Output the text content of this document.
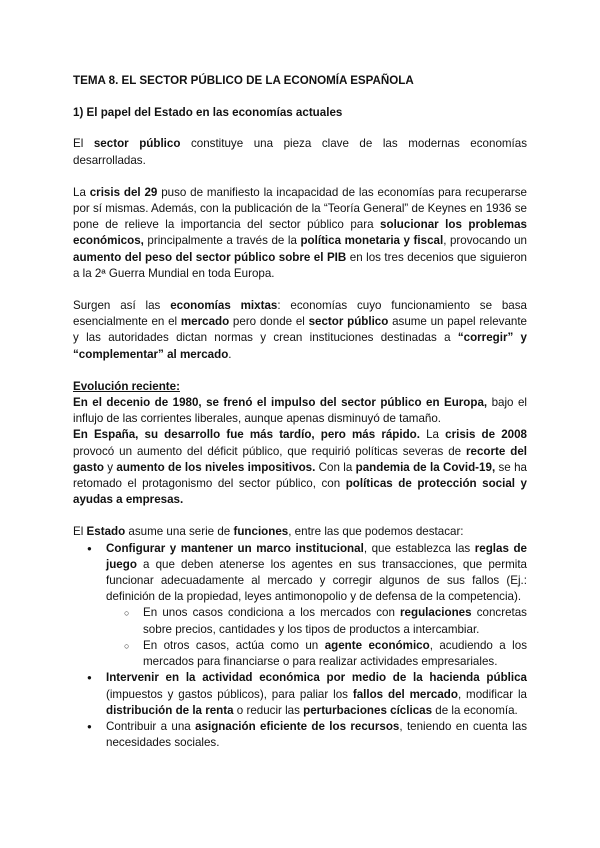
TEMA 8. EL SECTOR PÚBLICO DE LA ECONOMÍA ESPAÑOLA
1) El papel del Estado en las economías actuales

El sector público constituye una pieza clave de las modernas economías desarrolladas.

La crisis del 29 puso de manifiesto la incapacidad de las economías para recuperarse por sí mismas. Además, con la publicación de la “Teoría General” de Keynes en 1936 se pone de relieve la importancia del sector público para solucionar los problemas económicos, principalmente a través de la política monetaria y fiscal, provocando un aumento del peso del sector público sobre el PIB en los tres decenios que siguieron a la 2ª Guerra Mundial en toda Europa.

Surgen así las economías mixtas: economías cuyo funcionamiento se basa esencialmente en el mercado pero donde el sector público asume un papel relevante y las autoridades dictan normas y crean instituciones destinadas a “corregir” y “complementar” al mercado.

Evolución reciente:

En el decenio de 1980, se frenó el impulso del sector público en Europa, bajo el influjo de las corrientes liberales, aunque apenas disminuyó de tamaño.

En España, su desarrollo fue más tardío, pero más rápido. La crisis de 2008 provocó un aumento del déficit público, que requirió políticas severas de recorte del gasto y aumento de los niveles impositivos. Con la pandemia de la Covid-19, se ha retomado el protagonismo del sector público, con políticas de protección social y ayudas a empresas.

El Estado asume una serie de funciones, entre las que podemos destacar:

● Configurar y mantener un marco institucional, que establezca las reglas de juego a que deben atenerse los agentes en sus transacciones, que permita funcionar adecuadamente al mercado y corregir algunos de sus fallos (Ej.: definición de la propiedad, leyes antimonopolio y de defensa de la competencia).
○ En unos casos condiciona a los mercados con regulaciones concretas sobre precios, cantidades y los tipos de productos a intercambiar.
○ En otros casos, actúa como un agente económico, acudiendo a los mercados para financiarse o para realizar actividades empresariales.
● Intervenir en la actividad económica por medio de la hacienda pública (impuestos y gastos públicos), para paliar los fallos del mercado, modificar la distribución de la renta o reducir las perturbaciones cíclicas de la economía.
● Contribuir a una asignación eficiente de los recursos, teniendo en cuenta las necesidades sociales.
